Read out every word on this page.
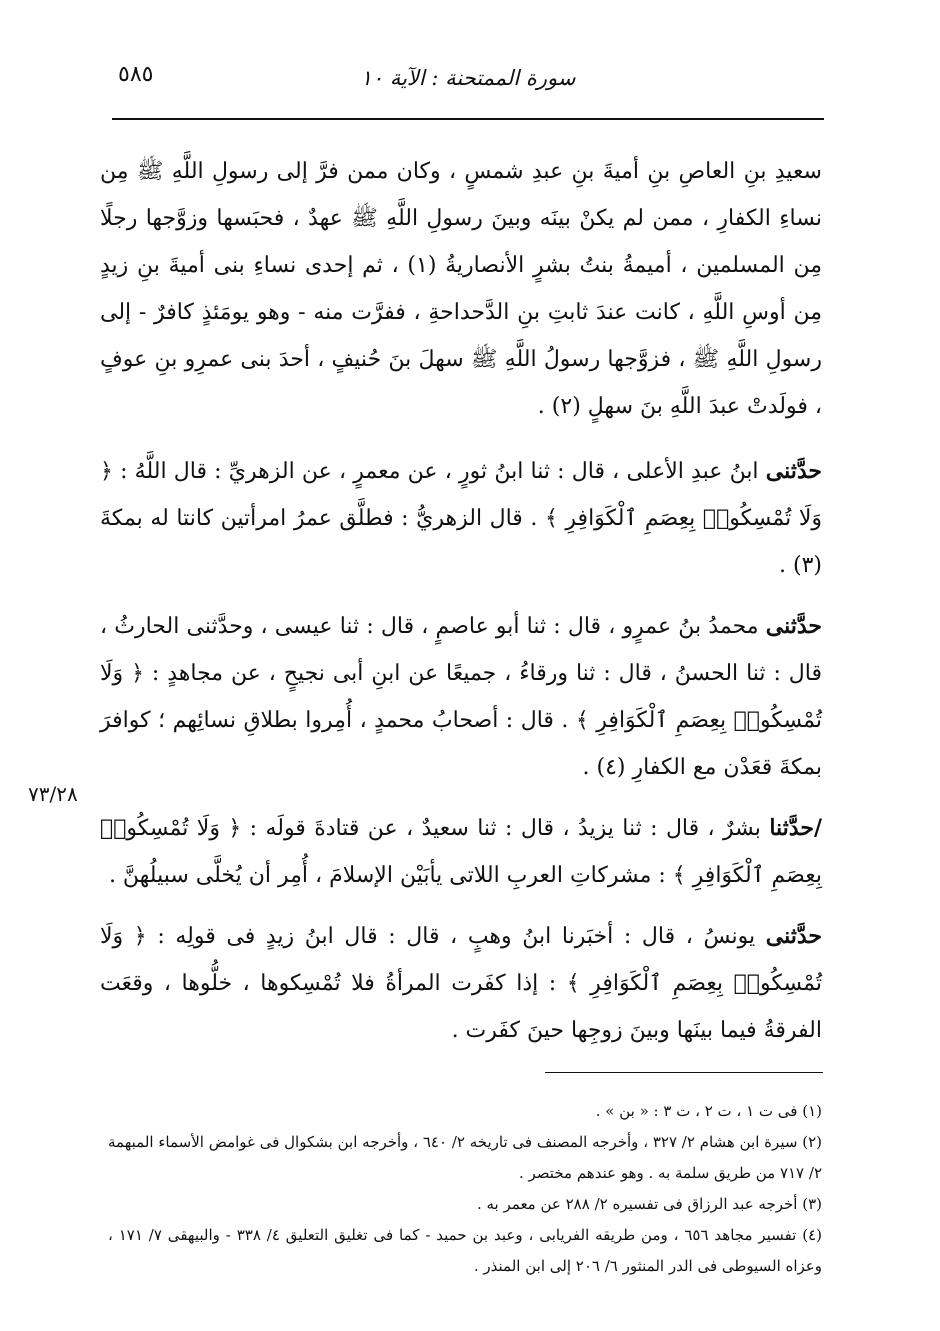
٥٨٥	سورة الممتحنة : الآية ١٠
٧٣/٢٨

سعيدِ بنِ العاصِ بنِ أميةَ بنِ عبدِ شمسٍ ، وكان ممن فرَّ إلى رسولِ اللَّهِ ﷺ مِن نساءِ الكفارِ ، ممن لم يكنْ بينَه وبينَ رسولِ اللَّهِ ﷺ عهدٌ ، فحبَسها وزوَّجها رجلًا مِن المسلمين ، أميمةُ بنتُ بشرٍ الأنصاريةُ (١) ، ثم إحدى نساءِ بنى أميةَ بنِ زيدٍ مِن أوسِ اللَّهِ ، كانت عندَ ثابتِ بنِ الدَّحداحةِ ، ففرَّت منه - وهو يومَئذٍ كافرٌ - إلى رسولِ اللَّهِ ﷺ ، فزوَّجها رسولُ اللَّهِ ﷺ سهلَ بنَ حُنيفٍ ، أحدَ بنى عمرِو بنِ عوفٍ ، فولَدتْ عبدَ اللَّهِ بنَ سهلٍ (٢) .

حدَّثنى ابنُ عبدِ الأعلى ، قال : ثنا ابنُ ثورٍ ، عن معمرٍ ، عن الزهريِّ : قال اللَّهُ : ﴿ وَلَا تُمْسِكُوا۟ بِعِصَمِ ٱلْكَوَافِرِ ﴾ . قال الزهريُّ : فطلَّق عمرُ امرأتين كانتا له بمكةَ (٣) .

حدَّثنى محمدُ بنُ عمرٍو ، قال : ثنا أبو عاصمٍ ، قال : ثنا عيسى ، وحدَّثنى الحارثُ ، قال : ثنا الحسنُ ، قال : ثنا ورقاءُ ، جميعًا عن ابنِ أبى نجيحٍ ، عن مجاهدٍ : ﴿ وَلَا تُمْسِكُوا۟ بِعِصَمِ ٱلْكَوَافِرِ ﴾ . قال : أصحابُ محمدٍ ، أُمِروا بطلاقِ نسائِهم ؛ كوافرَ بمكةَ قعَدْن مع الكفارِ (٤) .

/حدَّثنا بشرٌ ، قال : ثنا يزيدُ ، قال : ثنا سعيدٌ ، عن قتادةَ قولَه : ﴿ وَلَا تُمْسِكُوا۟ بِعِصَمِ ٱلْكَوَافِرِ ﴾ : مشركاتِ العربِ اللاتى يأبَيْن الإسلامَ ، أُمِر أن يُخلَّى سبيلُهنَّ .

حدَّثنى يونسُ ، قال : أخبَرنا ابنُ وهبٍ ، قال : قال ابنُ زيدٍ فى قولِه : ﴿ وَلَا تُمْسِكُوا۟ بِعِصَمِ ٱلْكَوَافِرِ ﴾ : إذا كفَرت المرأةُ فلا تُمْسِكوها ، خلُّوها ، وقعَت الفرقةُ فيما بينَها وبينَ زوجِها حينَ كفَرت .

(١) فى ت ١ ، ت ٢ ، ت ٣ : « بن » .

(٢) سيرة ابن هشام ٢/ ٣٢٧ ، وأخرجه المصنف فى تاريخه ٢/ ٦٤٠ ، وأخرجه ابن بشكوال فى غوامض الأسماء المبهمة ٢/ ٧١٧ من طريق سلمة به . وهو عندهم مختصر .

(٣) أخرجه عبد الرزاق فى تفسيره ٢/ ٢٨٨ عن معمر به .

(٤) تفسير مجاهد ٦٥٦ ، ومن طريقه الفريابى ، وعبد بن حميد - كما فى تغليق التعليق ٤/ ٣٣٨ - والبيهقى ٧/ ١٧١ ، وعزاه السيوطى فى الدر المنثور ٦/ ٢٠٦ إلى ابن المنذر .
